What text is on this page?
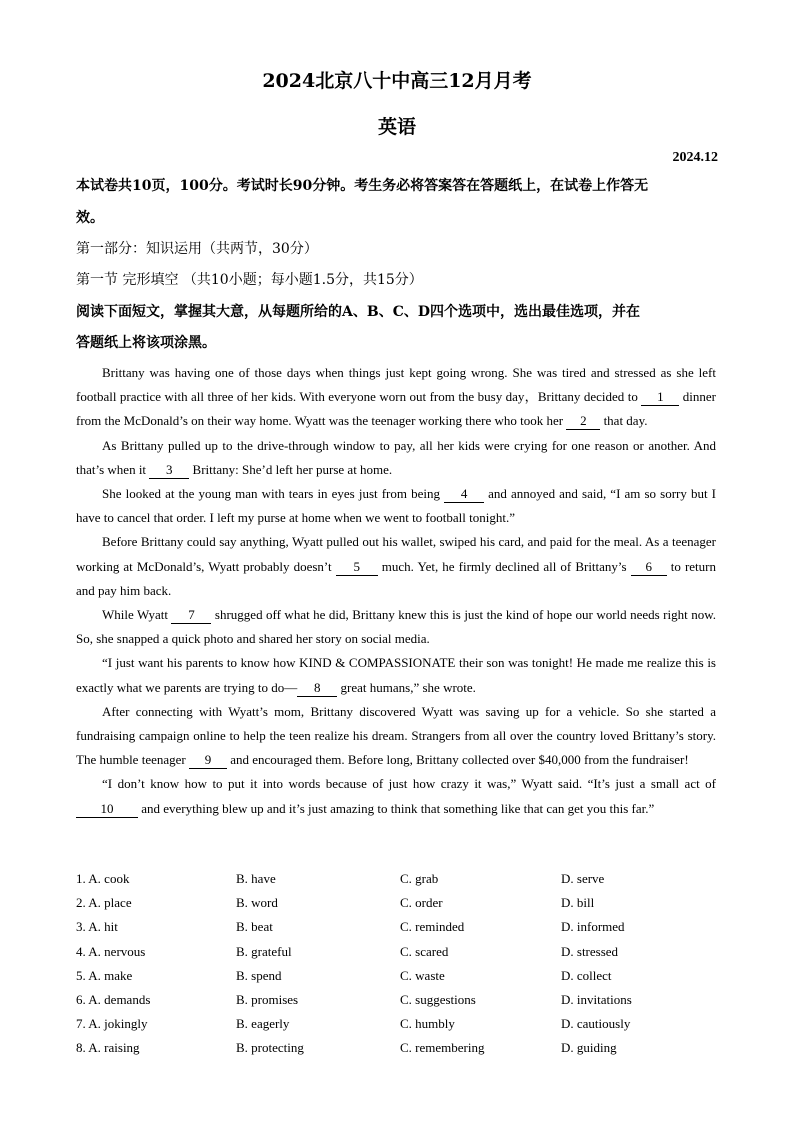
2024北京八十中高三12月月考
英语
2024.12
本试卷共10页，100分。考试时长90分钟。考生务必将答案答在答题纸上，在试卷上作答无
效。
第一部分：知识运用（共两节，30分）
第一节 完形填空 （共10小题；每小题1.5分，共15分）
阅读下面短文，掌握其大意，从每题所给的A、B、C、D四个选项中，选出最佳选项，并在
答题纸上将该项涂黑。

Brittany was having one of those days when things just kept going wrong. She was tired and stressed as she left football practice with all three of her kids. With everyone worn out from the busy day，Brittany decided to 1 dinner from the McDonald’s on their way home. Wyatt was the teenager working there who took her 2 that day.

As Brittany pulled up to the drive-through window to pay, all her kids were crying for one reason or another. And that’s when it 3 Brittany: She’d left her purse at home.

She looked at the young man with tears in eyes just from being 4 and annoyed and said, “I am so sorry but I have to cancel that order. I left my purse at home when we went to football tonight.”

Before Brittany could say anything, Wyatt pulled out his wallet, swiped his card, and paid for the meal. As a teenager working at McDonald’s, Wyatt probably doesn’t 5 much. Yet, he firmly declined all of Brittany’s 6 to return and pay him back.

While Wyatt 7 shrugged off what he did, Brittany knew this is just the kind of hope our world needs right now. So, she snapped a quick photo and shared her story on social media.

“I just want his parents to know how KIND & COMPASSIONATE their son was tonight! He made me realize this is exactly what we parents are trying to do— 8 great humans,” she wrote.

After connecting with Wyatt’s mom, Brittany discovered Wyatt was saving up for a vehicle. So she started a fundraising campaign online to help the teen realize his dream. Strangers from all over the country loved Brittany’s story. The humble teenager 9 and encouraged them. Before long, Brittany collected over $40,000 from the fundraiser!

“I don’t know how to put it into words because of just how crazy it was,” Wyatt said. “It’s just a small act of 10 and everything blew up and it’s just amazing to think that something like that can get you this far.”

1. A. cook	B. have	C. grab	D. serve
2. A. place	B. word	C. order	D. bill
3. A. hit	B. beat	C. reminded	D. informed
4. A. nervous	B. grateful	C. scared	D. stressed
5. A. make	B. spend	C. waste	D. collect
6. A. demands	B. promises	C. suggestions	D. invitations
7. A. jokingly	B. eagerly	C. humbly	D. cautiously
8. A. raising	B. protecting	C. remembering	D. guiding
